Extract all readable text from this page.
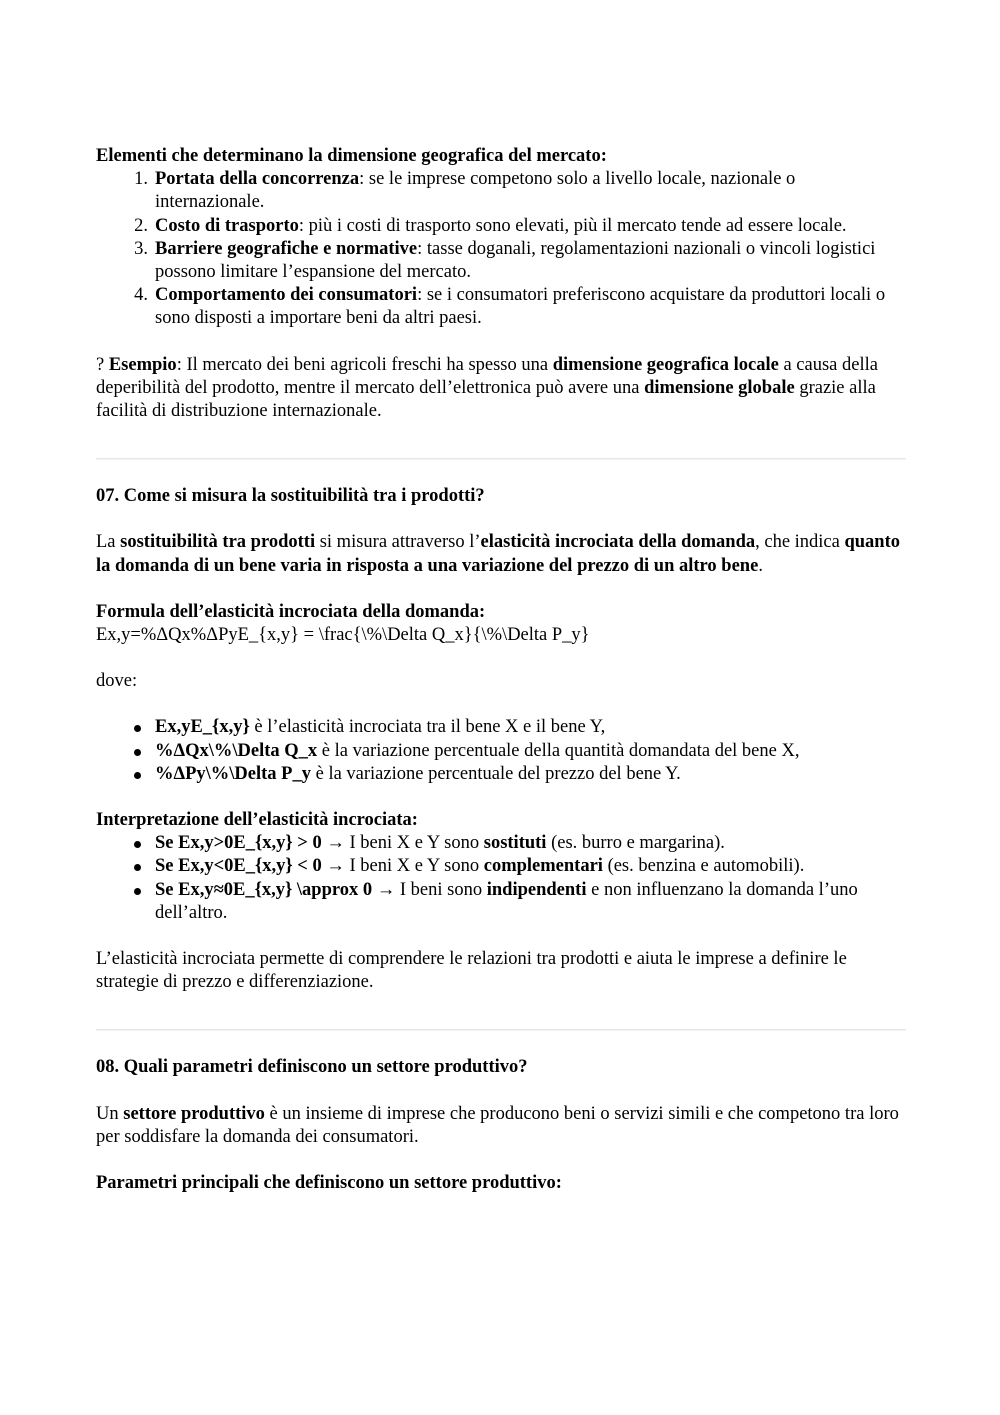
Elementi che determinano la dimensione geografica del mercato:

1. Portata della concorrenza: se le imprese competono solo a livello locale, nazionale o internazionale.
2. Costo di trasporto: più i costi di trasporto sono elevati, più il mercato tende ad essere locale.
3. Barriere geografiche e normative: tasse doganali, regolamentazioni nazionali o vincoli logistici possono limitare l’espansione del mercato.
4. Comportamento dei consumatori: se i consumatori preferiscono acquistare da produttori locali o sono disposti a importare beni da altri paesi.

? Esempio: Il mercato dei beni agricoli freschi ha spesso una dimensione geografica locale a causa della deperibilità del prodotto, mentre il mercato dell’elettronica può avere una dimensione globale grazie alla facilità di distribuzione internazionale.

07. Come si misura la sostituibilità tra i prodotti?

La sostituibilità tra prodotti si misura attraverso l’elasticità incrociata della domanda, che indica quanto la domanda di un bene varia in risposta a una variazione del prezzo di un altro bene.

Formula dell’elasticità incrociata della domanda:

Ex,y=%ΔQx%ΔPyE_{x,y} = \frac{\%\Delta Q_x}{\%\Delta P_y}

dove:

Ex,yE_{x,y} è l’elasticità incrociata tra il bene X e il bene Y,
%ΔQx\%\Delta Q_x è la variazione percentuale della quantità domandata del bene X,
%ΔPy\%\Delta P_y è la variazione percentuale del prezzo del bene Y.

Interpretazione dell’elasticità incrociata:

Se Ex,y>0E_{x,y} > 0 → I beni X e Y sono sostituti (es. burro e margarina).
Se Ex,y<0E_{x,y} < 0 → I beni X e Y sono complementari (es. benzina e automobili).
Se Ex,y≈0E_{x,y} \approx 0 → I beni sono indipendenti e non influenzano la domanda l’uno dell’altro.

L’elasticità incrociata permette di comprendere le relazioni tra prodotti e aiuta le imprese a definire le strategie di prezzo e differenziazione.

08. Quali parametri definiscono un settore produttivo?

Un settore produttivo è un insieme di imprese che producono beni o servizi simili e che competono tra loro per soddisfare la domanda dei consumatori.

Parametri principali che definiscono un settore produttivo:
